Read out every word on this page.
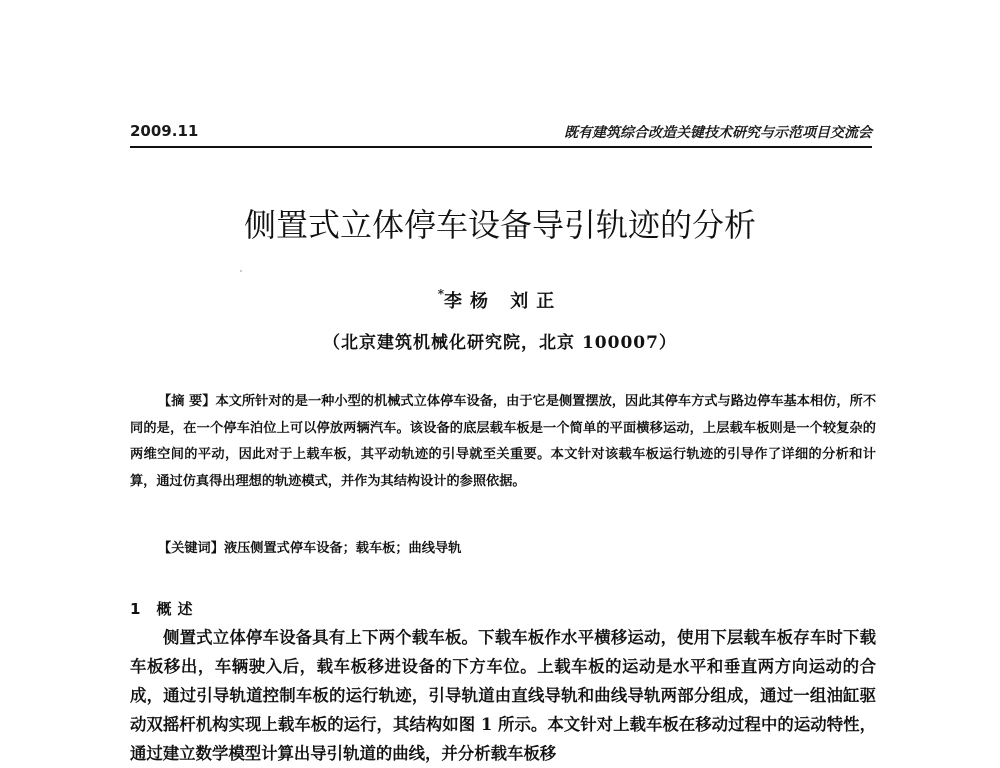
2009.11	既有建筑综合改造关键技术研究与示范项目交流会
侧置式立体停车设备导引轨迹的分析
*李杨 刘正
（北京建筑机械化研究院，北京 100007）

【摘 要】本文所针对的是一种小型的机械式立体停车设备，由于它是侧置摆放，因此其停车方式与路边停车基本相仿，所不同的是，在一个停车泊位上可以停放两辆汽车。该设备的底层载车板是一个简单的平面横移运动，上层载车板则是一个较复杂的两维空间的平动，因此对于上载车板，其平动轨迹的引导就至关重要。本文针对该载车板运行轨迹的引导作了详细的分析和计算，通过仿真得出理想的轨迹模式，并作为其结构设计的参照依据。

【关键词】液压侧置式停车设备；载车板；曲线导轨
1 概述

侧置式立体停车设备具有上下两个载车板。下载车板作水平横移运动，使用下层载车板存车时下载车板移出，车辆驶入后，载车板移进设备的下方车位。上载车板的运动是水平和垂直两方向运动的合成，通过引导轨道控制车板的运行轨迹，引导轨道由直线导轨和曲线导轨两部分组成，通过一组油缸驱动双摇杆机构实现上载车板的运行，其结构如图 1 所示。本文针对上载车板在移动过程中的运动特性，通过建立数学模型计算出导引轨道的曲线，并分析载车板移
